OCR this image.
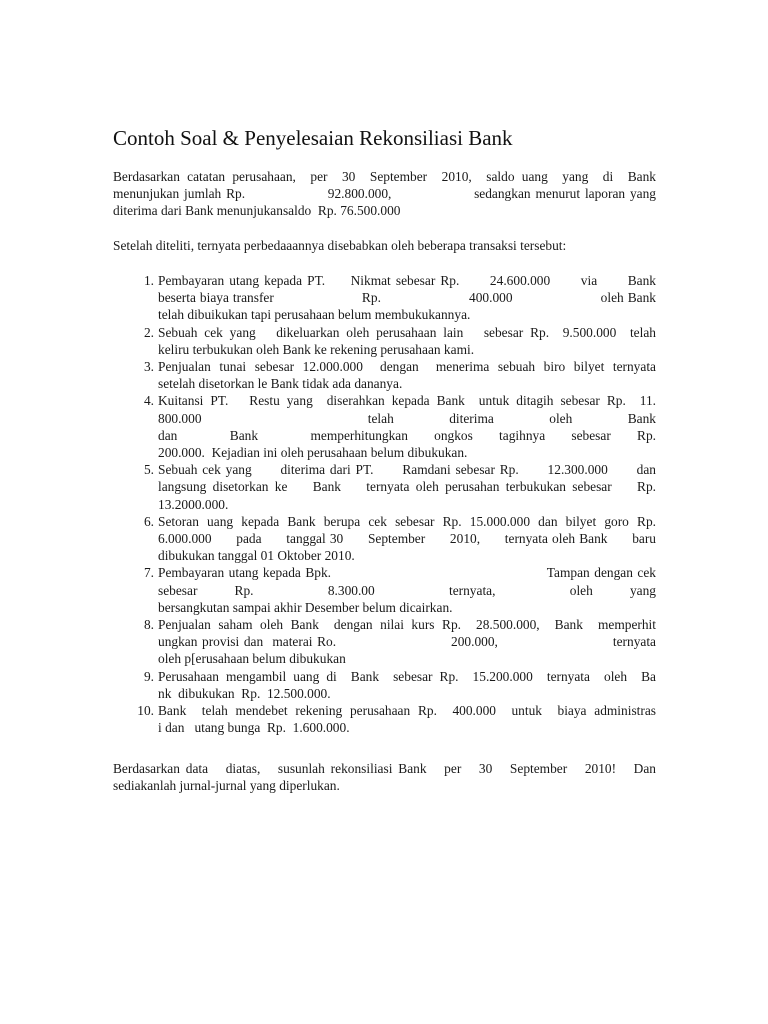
Contoh Soal & Penyelesaian Rekonsiliasi Bank
Berdasarkan catatan perusahaan,  per  30  September  2010,  saldo uang  yang  di  Bank
menunjukan jumlah Rp.                 92.800.000,                 sedangkan menurut laporan yang
diterima dari Bank menunjukansaldo  Rp. 76.500.000

Setelah diteliti, ternyata perbedaaannya disebabkan oleh beberapa transaksi tersebut:

1. Pembayaran utang kepada PT.     Nikmat sebesar Rp.      24.600.000      via      Bank
beserta biaya transfer                      Rp.                      400.000                      oleh Bank
telah dibuikukan tapi perusahaan belum membukukannya.
2. Sebuah cek yang   dikeluarkan oleh perusahaan lain   sebesar Rp.  9.500.000  telah
keliru terbukukan oleh Bank ke rekening perusahaan kami.
3. Penjualan tunai sebesar 12.000.000  dengan  menerima sebuah biro bilyet ternyata
setelah disetorkan le Bank tidak ada dananya.
4. Kuitansi PT.   Restu yang  diserahkan kepada Bank  untuk ditagih sebesar Rp.  11.
800.000   telah diterima oleh Bank
dan  Bank  memperhitungkan ongkos tagihnya sebesar Rp.
200.000.  Kejadian ini oleh perusahaan belum dibukukan.
5. Sebuah cek yang      diterima dari PT.      Ramdani sebesar Rp.      12.300.000      dan
langsung disetorkan ke    Bank    ternyata oleh perusahan terbukukan sebesar    Rp.
13.2000.000.
6. Setoran uang kepada Bank berupa cek sebesar Rp. 15.000.000 dan bilyet goro Rp.
6.000.000      pada      tanggal 30      September      2010,      ternyata oleh Bank      baru
dibukukan tanggal 01 Oktober 2010.
7. Pembayaran utang kepada Bpk.                                                Tampan dengan cek
sebesar Rp.  8.300.00  ternyata,  oleh yang
bersangkutan sampai akhir Desember belum dicairkan.
8. Penjualan saham oleh Bank  dengan nilai kurs Rp.  28.500.000,  Bank  memperhit
ungkan provisi dan  materai Ro.                         200.000,                         ternyata
oleh p[erusahaan belum dibukukan
9. Perusahaan mengambil uang di  Bank  sebesar Rp.  15.200.000  ternyata  oleh  Ba
nk  dibukukan  Rp.  12.500.000.
10. Bank  telah mendebet rekening perusahaan Rp.  400.000  untuk  biaya administras
i dan   utang bunga  Rp.  1.600.000.
Berdasarkan data   diatas,   susunlah rekonsiliasi Bank   per   30   September   2010!   Dan
sediakanlah jurnal-jurnal yang diperlukan.
